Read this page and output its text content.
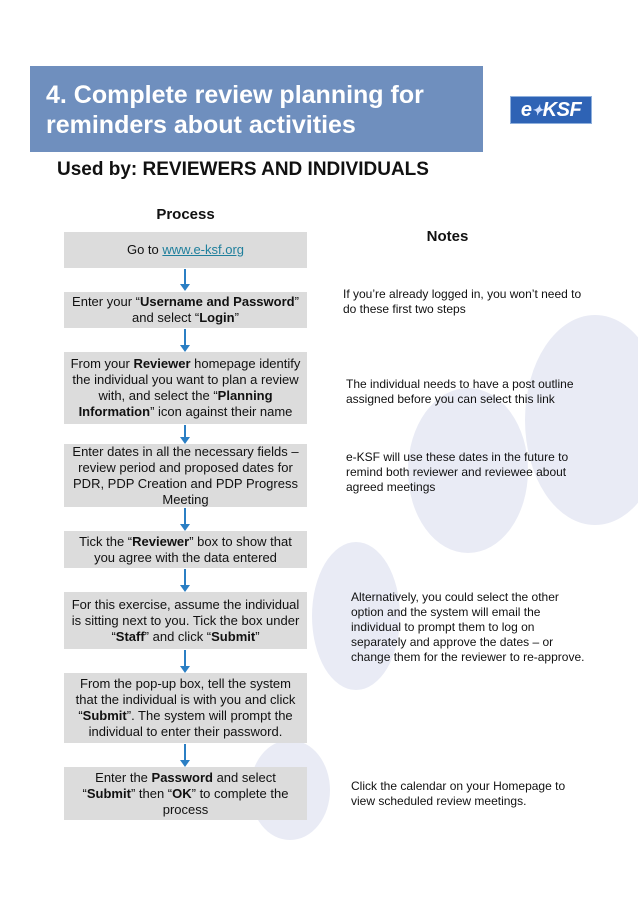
4. Complete review planning for reminders about activities
e✦KSF
Used by: REVIEWERS AND INDIVIDUALS
Process
Notes
Go to www.e-ksf.org
Enter your “Username and Password” and select “Login”
From your Reviewer homepage identify the individual you want to plan a review with, and select the “Planning Information” icon against their name
Enter dates in all the necessary fields – review period and proposed dates for PDR, PDP Creation and PDP Progress Meeting
Tick the “Reviewer” box to show that you agree with the data entered
For this exercise, assume the individual is sitting next to you. Tick the box under “Staff” and click “Submit”
From the pop-up box, tell the system that the individual is with you and click “Submit”. The system will prompt the individual to enter their password.
Enter the Password and select “Submit” then “OK” to complete the process
If you’re already logged in, you won’t need to do these first two steps
The individual needs to have a post outline assigned before you can select this link
e-KSF will use these dates in the future to remind both reviewer and reviewee about agreed meetings
Alternatively, you could select the other option and the system will email the individual to prompt them to log on separately and approve the dates – or change them for the reviewer to re-approve.
Click the calendar on your Homepage to view scheduled review meetings.
